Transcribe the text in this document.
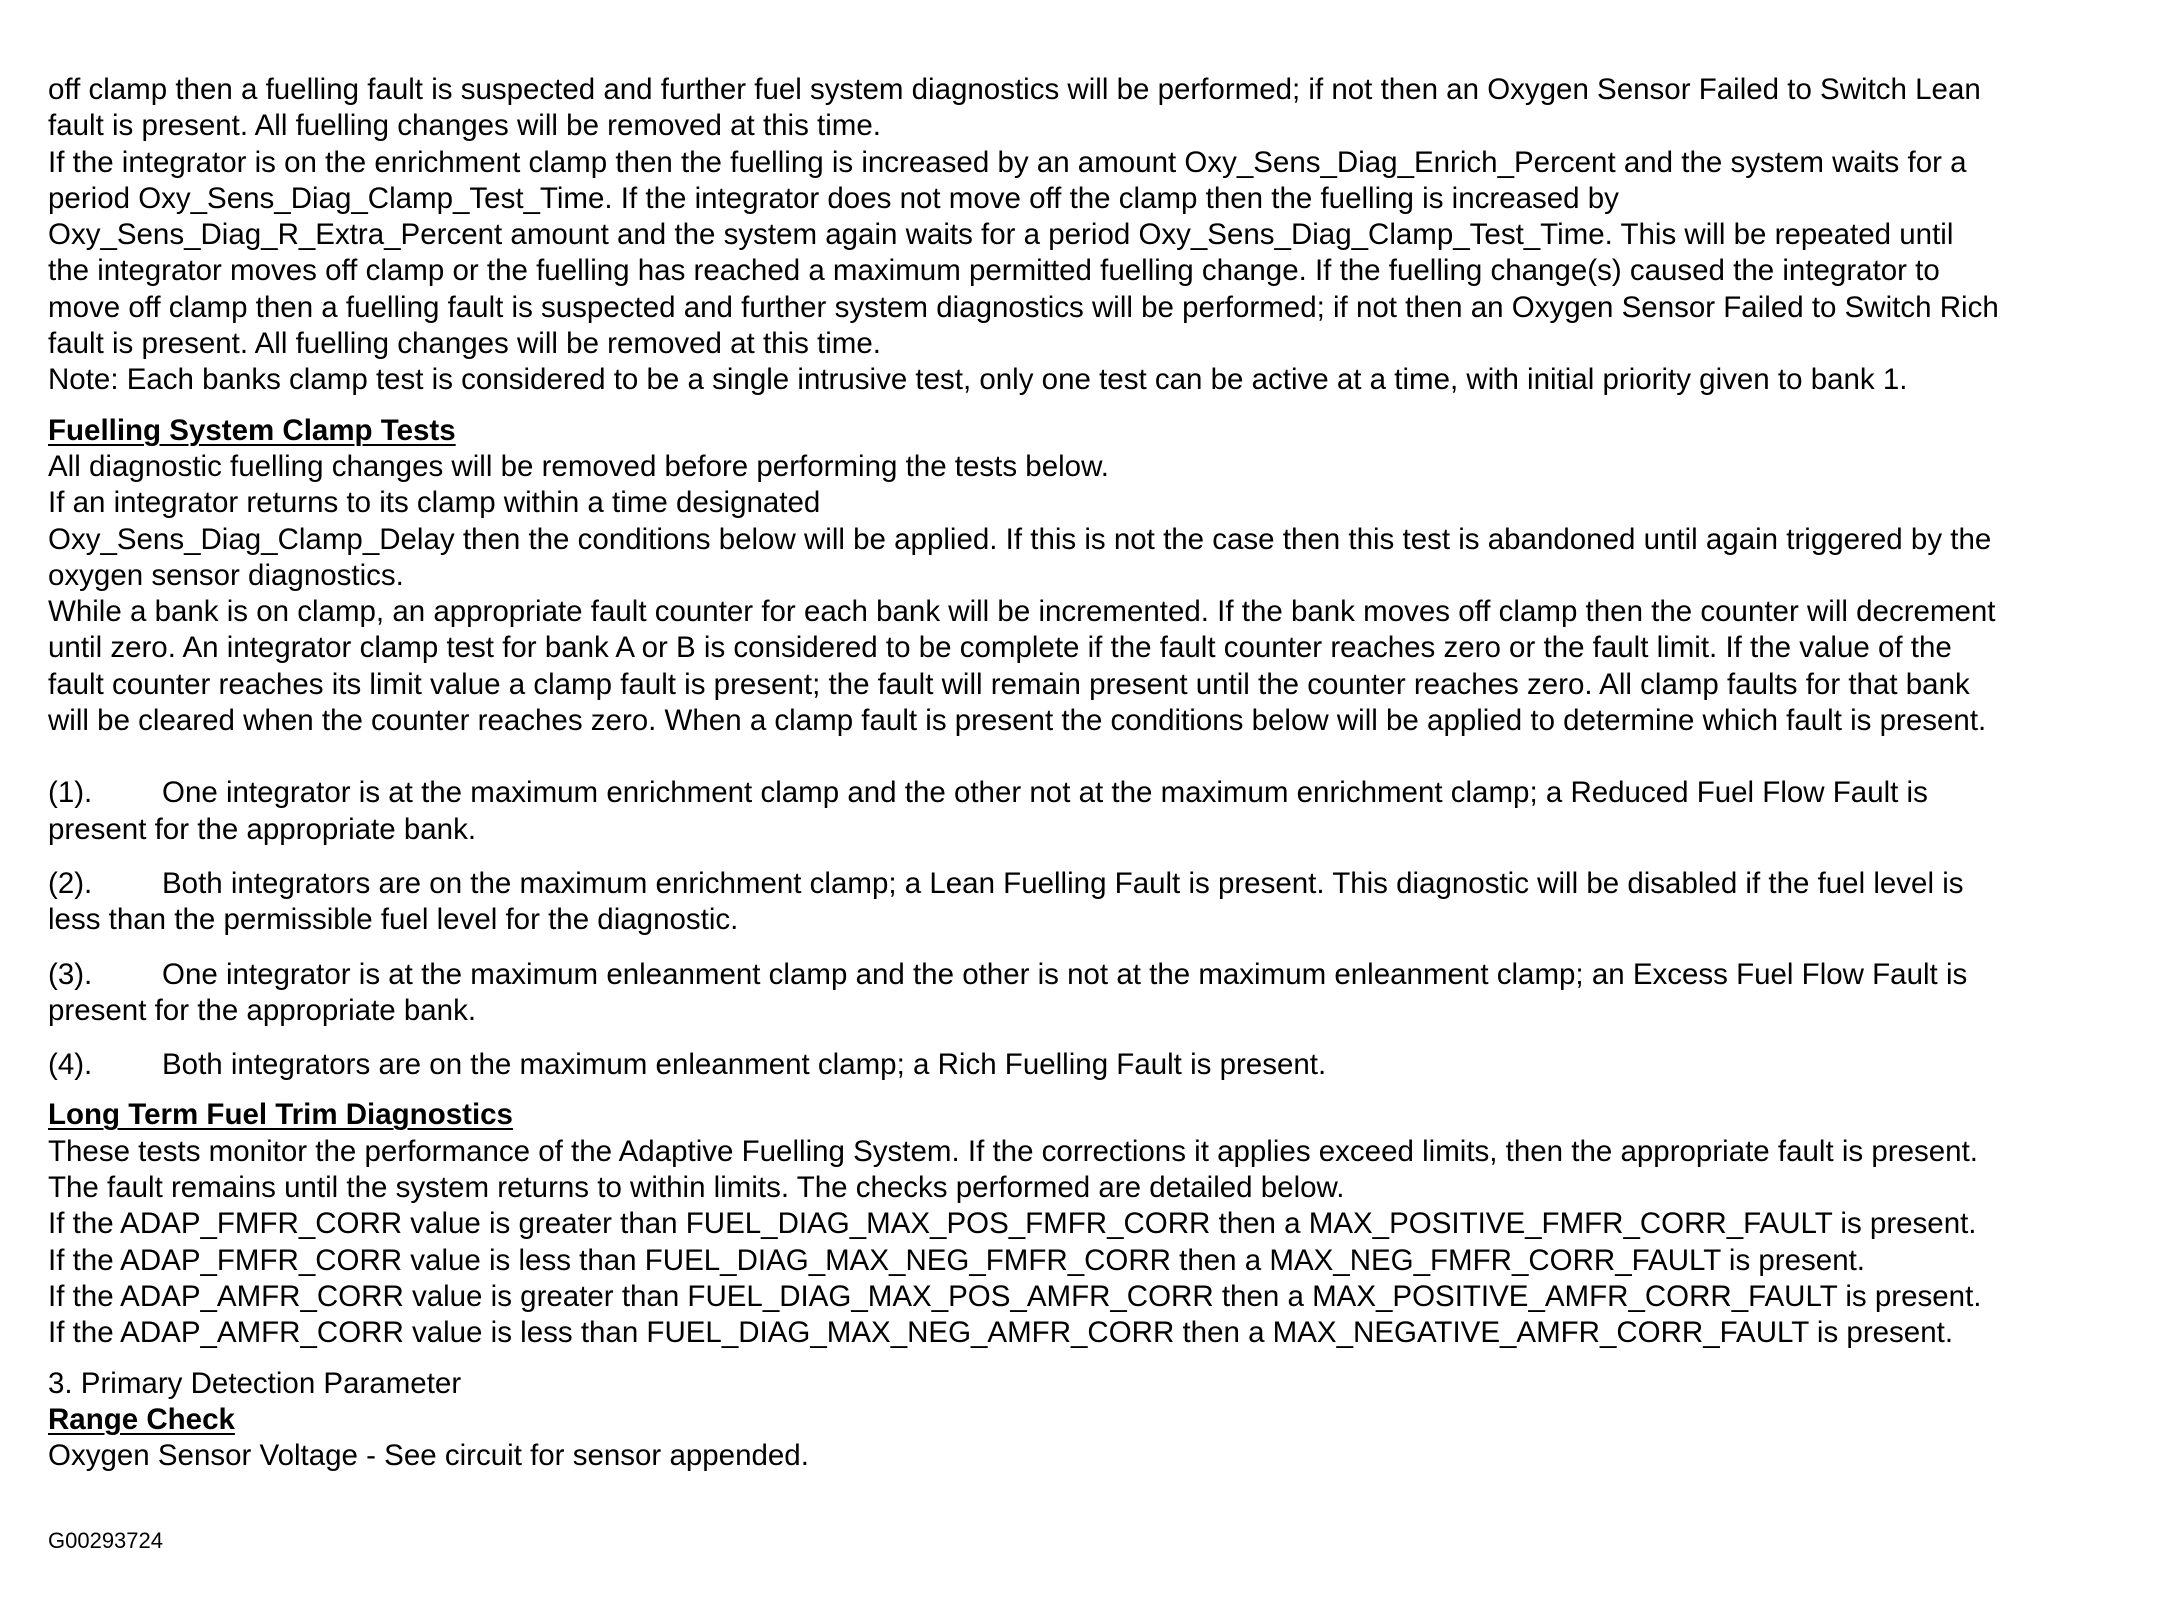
off clamp then a fuelling fault is suspected and further fuel system diagnostics will be performed; if not then an Oxygen Sensor Failed to Switch Lean
fault is present. All fuelling changes will be removed at this time.
If the integrator is on the enrichment clamp then the fuelling is increased by an amount Oxy_Sens_Diag_Enrich_Percent and the system waits for a
period Oxy_Sens_Diag_Clamp_Test_Time. If the integrator does not move off the clamp then the fuelling is increased by
Oxy_Sens_Diag_R_Extra_Percent amount and the system again waits for a period Oxy_Sens_Diag_Clamp_Test_Time. This will be repeated until
the integrator moves off clamp or the fuelling has reached a maximum permitted fuelling change. If the fuelling change(s) caused the integrator to
move off clamp then a fuelling fault is suspected and further system diagnostics will be performed; if not then an Oxygen Sensor Failed to Switch Rich
fault is present. All fuelling changes will be removed at this time.
Note: Each banks clamp test is considered to be a single intrusive test, only one test can be active at a time, with initial priority given to bank 1.
Fuelling System Clamp Tests
All diagnostic fuelling changes will be removed before performing the tests below.
If an integrator returns to its clamp within a time designated
Oxy_Sens_Diag_Clamp_Delay then the conditions below will be applied. If this is not the case then this test is abandoned until again triggered by the
oxygen sensor diagnostics.
While a bank is on clamp, an appropriate fault counter for each bank will be incremented. If the bank moves off clamp then the counter will decrement
until zero. An integrator clamp test for bank A or B is considered to be complete if the fault counter reaches zero or the fault limit. If the value of the
fault counter reaches its limit value a clamp fault is present; the fault will remain present until the counter reaches zero. All clamp faults for that bank
will be cleared when the counter reaches zero. When a clamp fault is present the conditions below will be applied to determine which fault is present.
(1). One integrator is at the maximum enrichment clamp and the other not at the maximum enrichment clamp; a Reduced Fuel Flow Fault is
present for the appropriate bank.
(2). Both integrators are on the maximum enrichment clamp; a Lean Fuelling Fault is present. This diagnostic will be disabled if the fuel level is
less than the permissible fuel level for the diagnostic.
(3). One integrator is at the maximum enleanment clamp and the other is not at the maximum enleanment clamp; an Excess Fuel Flow Fault is
present for the appropriate bank.
(4). Both integrators are on the maximum enleanment clamp; a Rich Fuelling Fault is present.
Long Term Fuel Trim Diagnostics
These tests monitor the performance of the Adaptive Fuelling System. If the corrections it applies exceed limits, then the appropriate fault is present.
The fault remains until the system returns to within limits. The checks performed are detailed below.
If the ADAP_FMFR_CORR value is greater than FUEL_DIAG_MAX_POS_FMFR_CORR then a MAX_POSITIVE_FMFR_CORR_FAULT is present.
If the ADAP_FMFR_CORR value is less than FUEL_DIAG_MAX_NEG_FMFR_CORR then a MAX_NEG_FMFR_CORR_FAULT is present.
If the ADAP_AMFR_CORR value is greater than FUEL_DIAG_MAX_POS_AMFR_CORR then a MAX_POSITIVE_AMFR_CORR_FAULT is present.
If the ADAP_AMFR_CORR value is less than FUEL_DIAG_MAX_NEG_AMFR_CORR then a MAX_NEGATIVE_AMFR_CORR_FAULT is present.
3. Primary Detection Parameter
Range Check
Oxygen Sensor Voltage - See circuit for sensor appended.
G00293724
